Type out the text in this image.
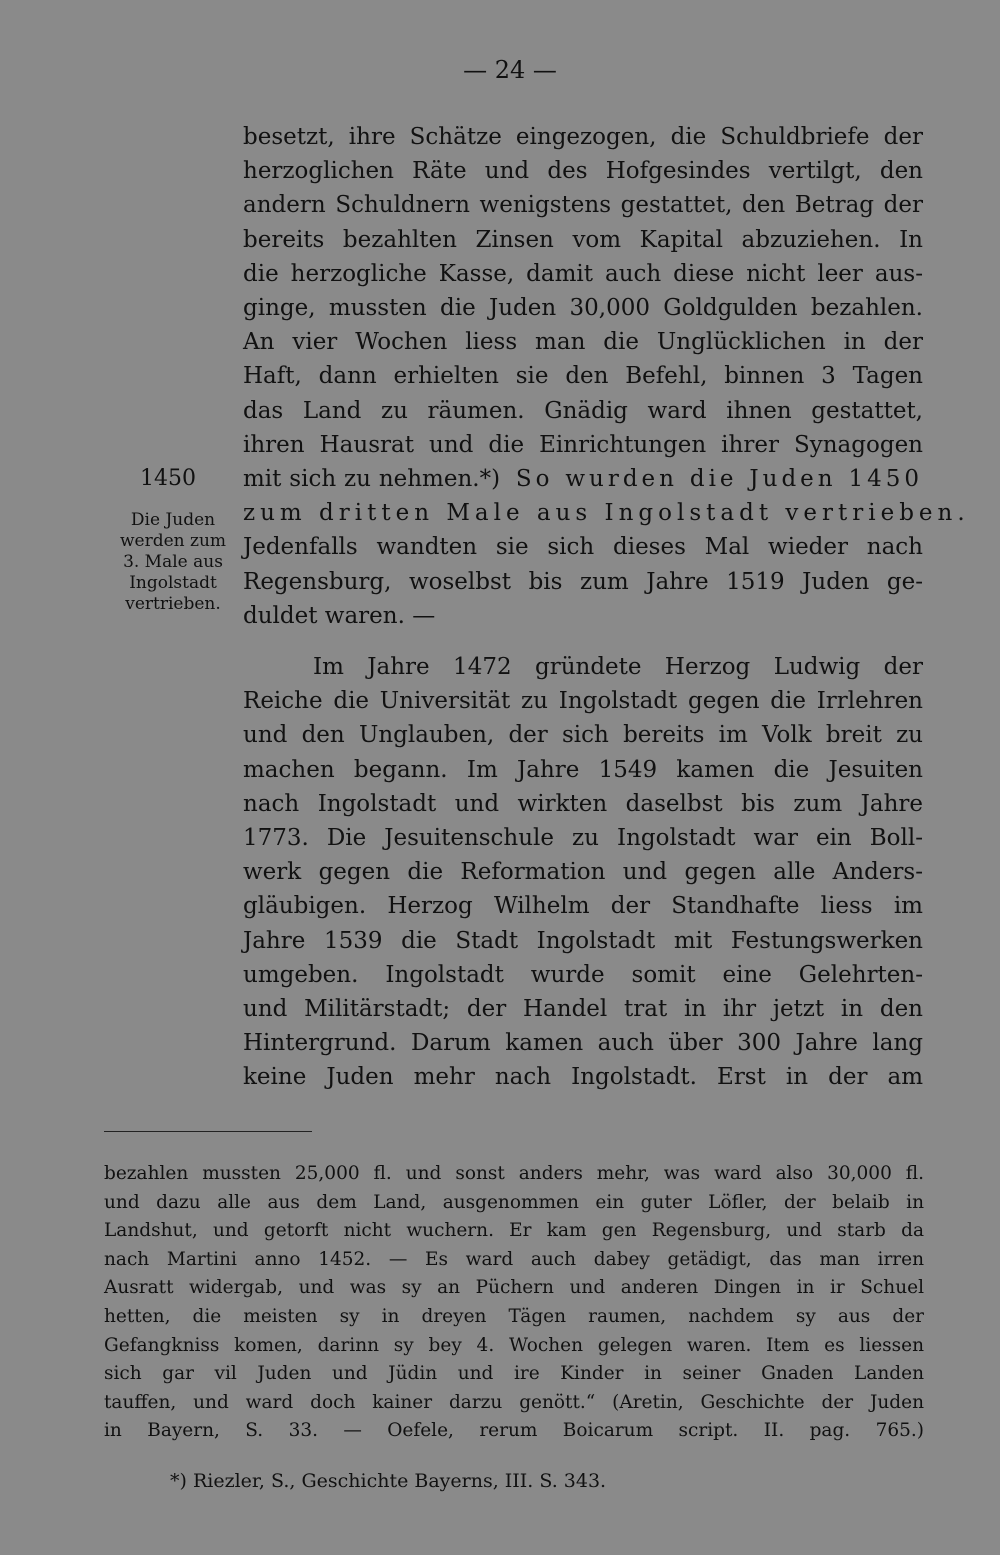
— 24 —
1450
Die Juden
werden zum
3. Male aus
Ingolstadt
vertrieben.
besetzt, ihre Schätze eingezogen, die Schuldbriefe der
herzoglichen Räte und des Hofgesindes vertilgt, den
andern Schuldnern wenigstens gestattet, den Betrag der
bereits bezahlten Zinsen vom Kapital abzuziehen. In
die herzogliche Kasse, damit auch diese nicht leer aus-
ginge, mussten die Juden 30,000 Goldgulden bezahlen.
An vier Wochen liess man die Unglücklichen in der
Haft, dann erhielten sie den Befehl, binnen 3 Tagen
das Land zu räumen. Gnädig ward ihnen gestattet,
ihren Hausrat und die Einrichtungen ihrer Synagogen
mit sich zu nehmen.*) So wurden die Juden 1450
zum dritten Male aus Ingolstadt vertrieben.
Jedenfalls wandten sie sich dieses Mal wieder nach
Regensburg, woselbst bis zum Jahre 1519 Juden ge-
duldet waren. —
Im Jahre 1472 gründete Herzog Ludwig der
Reiche die Universität zu Ingolstadt gegen die Irrlehren
und den Unglauben, der sich bereits im Volk breit zu
machen begann. Im Jahre 1549 kamen die Jesuiten
nach Ingolstadt und wirkten daselbst bis zum Jahre
1773. Die Jesuitenschule zu Ingolstadt war ein Boll-
werk gegen die Reformation und gegen alle Anders-
gläubigen. Herzog Wilhelm der Standhafte liess im
Jahre 1539 die Stadt Ingolstadt mit Festungswerken
umgeben. Ingolstadt wurde somit eine Gelehrten-
und Militärstadt; der Handel trat in ihr jetzt in den
Hintergrund. Darum kamen auch über 300 Jahre lang
keine Juden mehr nach Ingolstadt. Erst in der am
bezahlen mussten 25,000 fl. und sonst anders mehr, was ward also 30,000 fl.
und dazu alle aus dem Land, ausgenommen ein guter Löfler, der belaib in
Landshut, und getorft nicht wuchern. Er kam gen Regensburg, und starb da
nach Martini anno 1452. — Es ward auch dabey getädigt, das man irren
Ausratt widergab, und was sy an Püchern und anderen Dingen in ir Schuel
hetten, die meisten sy in dreyen Tägen raumen, nachdem sy aus der
Gefangkniss komen, darinn sy bey 4. Wochen gelegen waren. Item es liessen
sich gar vil Juden und Jüdin und ire Kinder in seiner Gnaden Landen
tauffen, und ward doch kainer darzu genött.“ (Aretin, Geschichte der Juden
in Bayern, S. 33. — Oefele, rerum Boicarum script. II. pag. 765.)
*) Riezler, S., Geschichte Bayerns, III. S. 343.
